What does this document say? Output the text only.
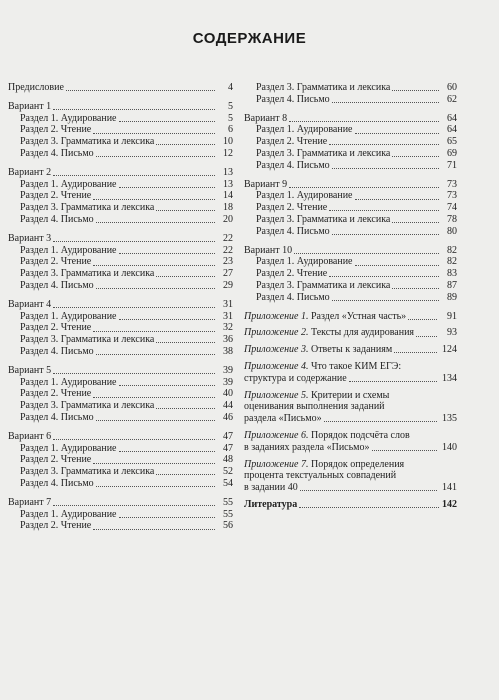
СОДЕРЖАНИЕ
Предисловие	4
Вариант 1	5
Раздел 1. Аудирование	5
Раздел 2. Чтение	6
Раздел 3. Грамматика и лексика	10
Раздел 4. Письмо	12
Вариант 2	13
Раздел 1. Аудирование	13
Раздел 2. Чтение	14
Раздел 3. Грамматика и лексика	18
Раздел 4. Письмо	20
Вариант 3	22
Раздел 1. Аудирование	22
Раздел 2. Чтение	23
Раздел 3. Грамматика и лексика	27
Раздел 4. Письмо	29
Вариант 4	31
Раздел 1. Аудирование	31
Раздел 2. Чтение	32
Раздел 3. Грамматика и лексика	36
Раздел 4. Письмо	38
Вариант 5	39
Раздел 1. Аудирование	39
Раздел 2. Чтение	40
Раздел 3. Грамматика и лексика	44
Раздел 4. Письмо	46
Вариант 6	47
Раздел 1. Аудирование	47
Раздел 2. Чтение	48
Раздел 3. Грамматика и лексика	52
Раздел 4. Письмо	54
Вариант 7	55
Раздел 1. Аудирование	55
Раздел 2. Чтение	56
Раздел 3. Грамматика и лексика	60
Раздел 4. Письмо	62
Вариант 8	64
Раздел 1. Аудирование	64
Раздел 2. Чтение	65
Раздел 3. Грамматика и лексика	69
Раздел 4. Письмо	71
Вариант 9	73
Раздел 1. Аудирование	73
Раздел 2. Чтение	74
Раздел 3. Грамматика и лексика	78
Раздел 4. Письмо	80
Вариант 10	82
Раздел 1. Аудирование	82
Раздел 2. Чтение	83
Раздел 3. Грамматика и лексика	87
Раздел 4. Письмо	89
Приложение 1. Раздел «Устная часть»	91
Приложение 2. Тексты для аудирования	93
Приложение 3. Ответы к заданиям	124
Приложение 4. Что такое КИМ ЕГЭ:
структура и содержание	134
Приложение 5. Критерии и схемы
оценивания выполнения заданий
раздела «Письмо»	135
Приложение 6. Порядок подсчёта слов
в заданиях раздела «Письмо»	140
Приложение 7. Порядок определения
процента текстуальных совпадений
в задании 40	141
Литература	142
